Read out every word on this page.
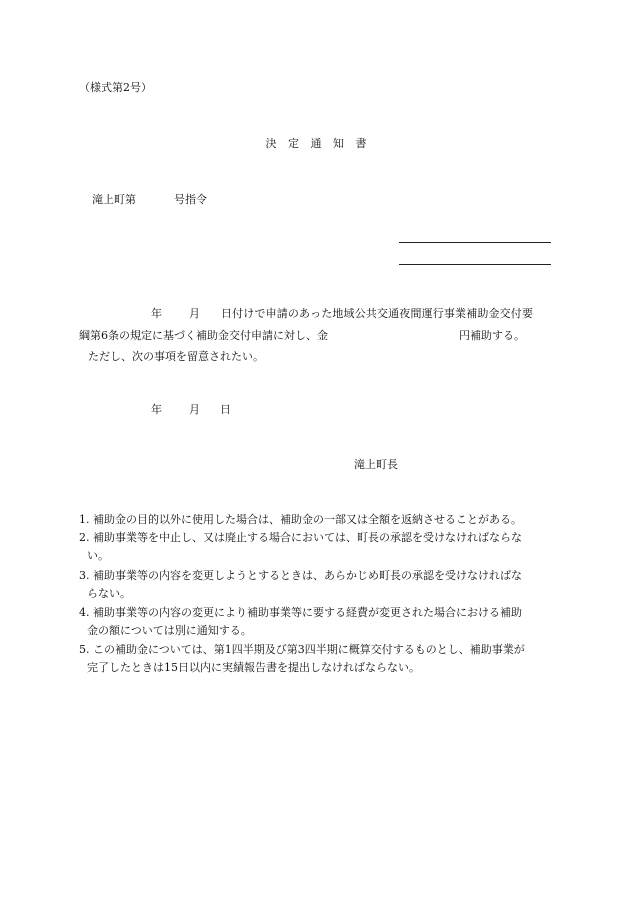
（様式第2号）
決 定 通 知 書
滝上町第	号指令
年 月 日付けで申請のあった地域公共交通夜間運行事業補助金交付要
綱第6条の規定に基づく補助金交付申請に対し、金	円補助する。
ただし、次の事項を留意されたい。
年 月 日
滝上町長
1. 補助金の目的以外に使用した場合は、補助金の一部又は全額を返納させることがある。
2. 補助事業等を中止し、又は廃止する場合においては、町長の承認を受けなければならな
い。
3. 補助事業等の内容を変更しようとするときは、あらかじめ町長の承認を受けなければな
らない。
4. 補助事業等の内容の変更により補助事業等に要する経費が変更された場合における補助
金の額については別に通知する。
5. この補助金については、第1四半期及び第3四半期に概算交付するものとし、補助事業が
完了したときは15日以内に実績報告書を提出しなければならない。
